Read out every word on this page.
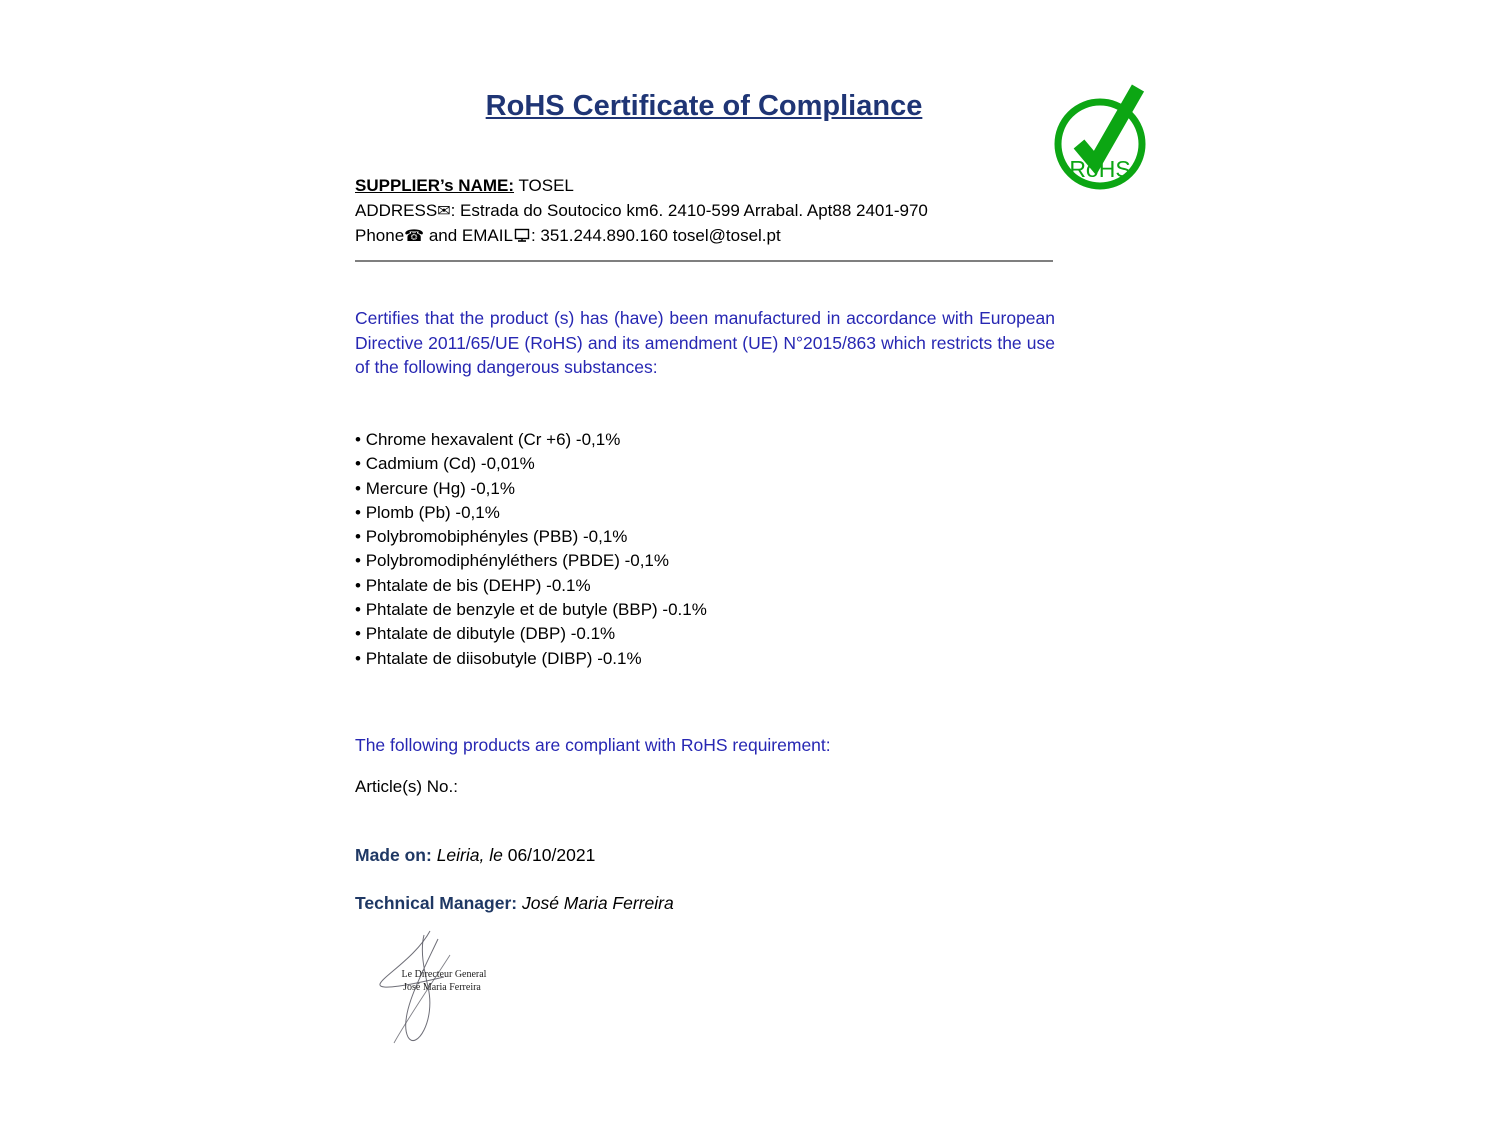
RoHS Certificate of Compliance
RoHS
SUPPLIER’s NAME: TOSEL
ADDRESS✉: Estrada do Soutocico km6. 2410-599 Arrabal. Apt88 2401-970
Phone☎ and EMAIL : 351.244.890.160 tosel@tosel.pt

Certifies that the product (s) has (have) been manufactured in accordance with European Directive 2011/65/UE (RoHS) and its amendment (UE) N°2015/863 which restricts the use of the following dangerous substances:

• Chrome hexavalent (Cr +6) -0,1%
• Cadmium (Cd) -0,01%
• Mercure (Hg) -0,1%
• Plomb (Pb) -0,1%
• Polybromobiphényles (PBB) -0,1%
• Polybromodiphényléthers (PBDE) -0,1%
• Phtalate de bis (DEHP) -0.1%
• Phtalate de benzyle et de butyle (BBP) -0.1%
• Phtalate de dibutyle (DBP) -0.1%
• Phtalate de diisobutyle (DIBP) -0.1%

The following products are compliant with RoHS requirement:

Article(s) No.:

Made on: Leiria, le 06/10/2021

Technical Manager: José Maria Ferreira

Le Directeur General
José Maria Ferreira
